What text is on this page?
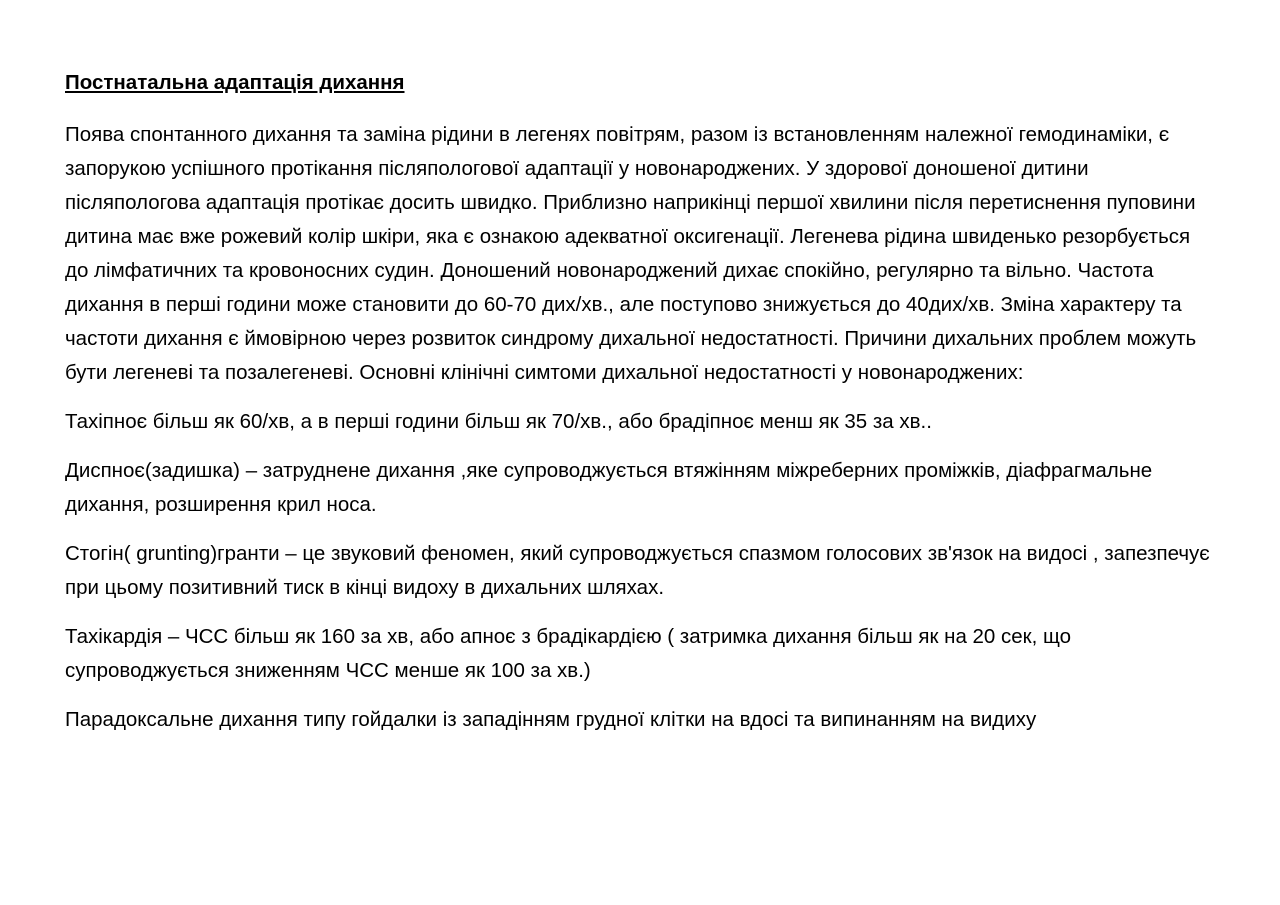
Постнатальна адаптація дихання

Поява спонтанного дихання та заміна рідини в легенях повітрям, разом із встановленням належної гемодинаміки, є запорукою успішного протікання післяпологової адаптації у новонароджених. У здорової доношеної дитини післяпологова адаптація протікає досить швидко. Приблизно наприкінці першої хвилини після перетиснення пуповини дитина має вже рожевий колір шкіри, яка є ознакою адекватної оксигенації. Легенева рідина швиденько резорбується до лімфатичних та кровоносних судин. Доношений новонароджений дихає спокійно, регулярно та вільно. Частота дихання в перші години може становити до 60-70 дих/хв., але поступово знижується до 40дих/хв. Зміна характеру та частоти дихання є ймовірною через розвиток синдрому дихальної недостатності. Причини дихальних проблем можуть бути легеневі та позалегеневі. Основні клінічні симтоми дихальної недостатності у новонароджених:

Тахіпноє більш як 60/хв, а в перші години більш як 70/хв., або брадіпноє менш як 35 за хв..

Диспноє(задишка) – затруднене дихання ,яке супроводжується втяжінням міжреберних проміжків, діафрагмальне дихання, розширення крил носа.

Стогін( grunting)гранти – це звуковий феномен, який супроводжується спазмом голосових зв'язок на видосі , запезпечує при цьому позитивний тиск в кінці видоху в дихальних шляхах.

Тахікардія – ЧСС більш як 160 за хв, або апноє з брадікардією ( затримка дихання більш як на 20 сек, що супроводжується зниженням ЧСС менше як 100 за хв.)

Парадоксальне дихання типу гойдалки із западінням грудної клітки на вдосі та випинанням на видиху
